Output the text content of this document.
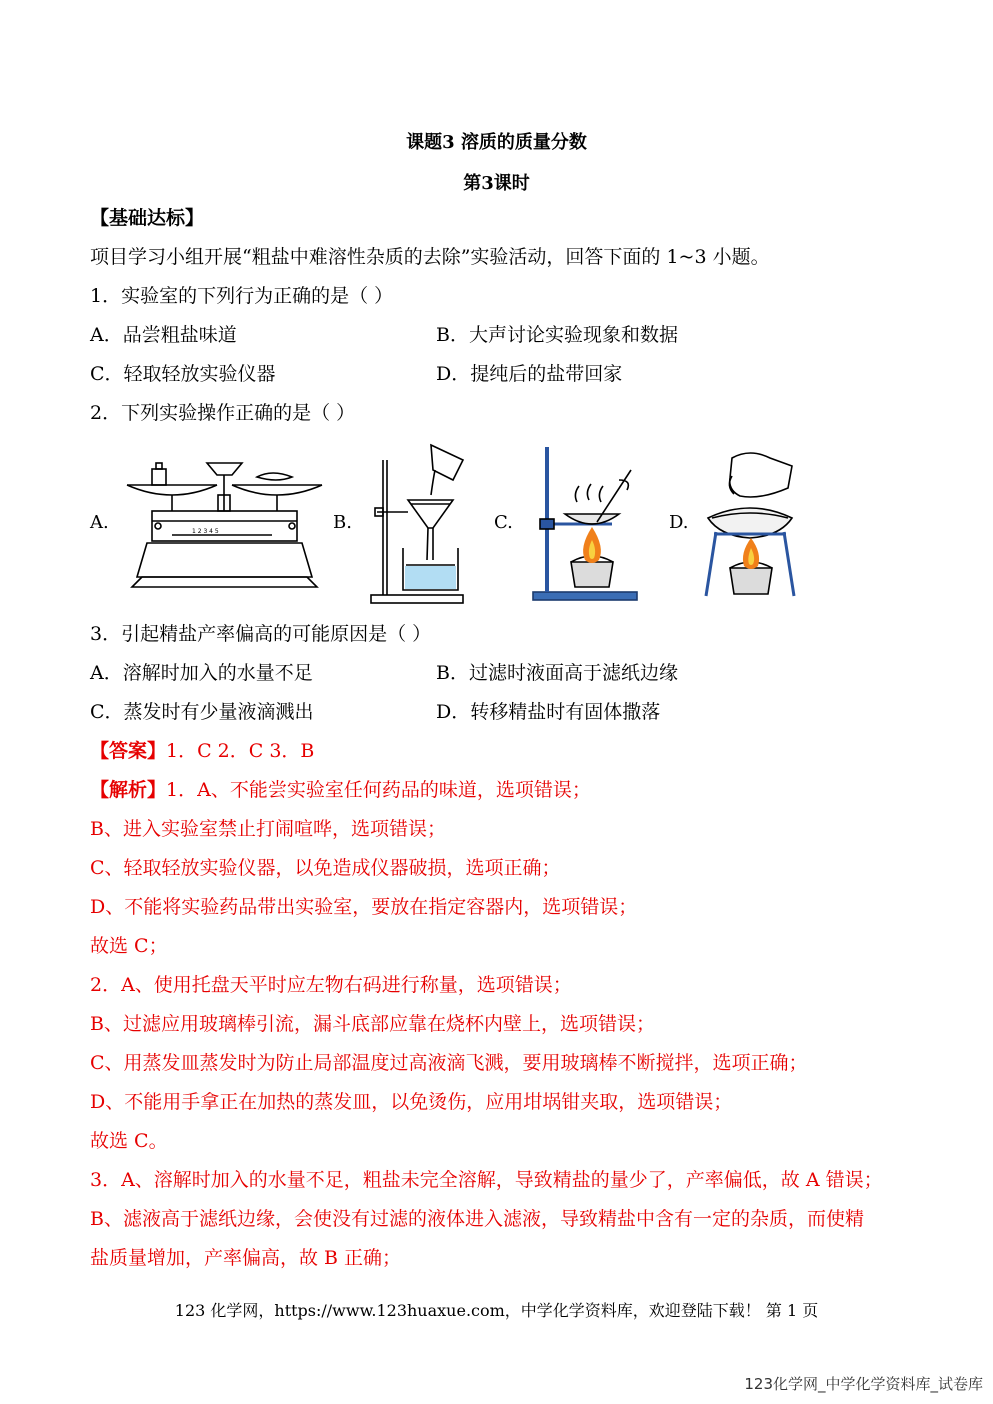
课题3 溶质的质量分数
第3课时
【基础达标】
项目学习小组开展“粗盐中难溶性杂质的去除”实验活动，回答下面的 1~3 小题。
1．实验室的下列行为正确的是（ ）
A．品尝粗盐味道	B．大声讨论实验现象和数据
C．轻取轻放实验仪器	D．提纯后的盐带回家
2．下列实验操作正确的是（ ）
A.	B.	C.	D.
1 2 3 4 5
3．引起精盐产率偏高的可能原因是（ ）
A．溶解时加入的水量不足	B．过滤时液面高于滤纸边缘
C．蒸发时有少量液滴溅出	D．转移精盐时有固体撒落
【答案】1．C 2．C 3．B
【解析】1．A、不能尝实验室任何药品的味道，选项错误；
B、进入实验室禁止打闹喧哗，选项错误；
C、轻取轻放实验仪器，以免造成仪器破损，选项正确；
D、不能将实验药品带出实验室，要放在指定容器内，选项错误；
故选 C；
2．A、使用托盘天平时应左物右码进行称量，选项错误；
B、过滤应用玻璃棒引流，漏斗底部应靠在烧杯内壁上，选项错误；
C、用蒸发皿蒸发时为防止局部温度过高液滴飞溅，要用玻璃棒不断搅拌，选项正确；
D、不能用手拿正在加热的蒸发皿，以免烫伤，应用坩埚钳夹取，选项错误；
故选 C。
3．A、溶解时加入的水量不足，粗盐未完全溶解，导致精盐的量少了，产率偏低，故 A 错误；
B、滤液高于滤纸边缘，会使没有过滤的液体进入滤液，导致精盐中含有一定的杂质，而使精
盐质量增加，产率偏高，故 B 正确；
123 化学网，https://www.123huaxue.com，中学化学资料库，欢迎登陆下载！ 第 1 页
123化学网_中学化学资料库_试卷库
